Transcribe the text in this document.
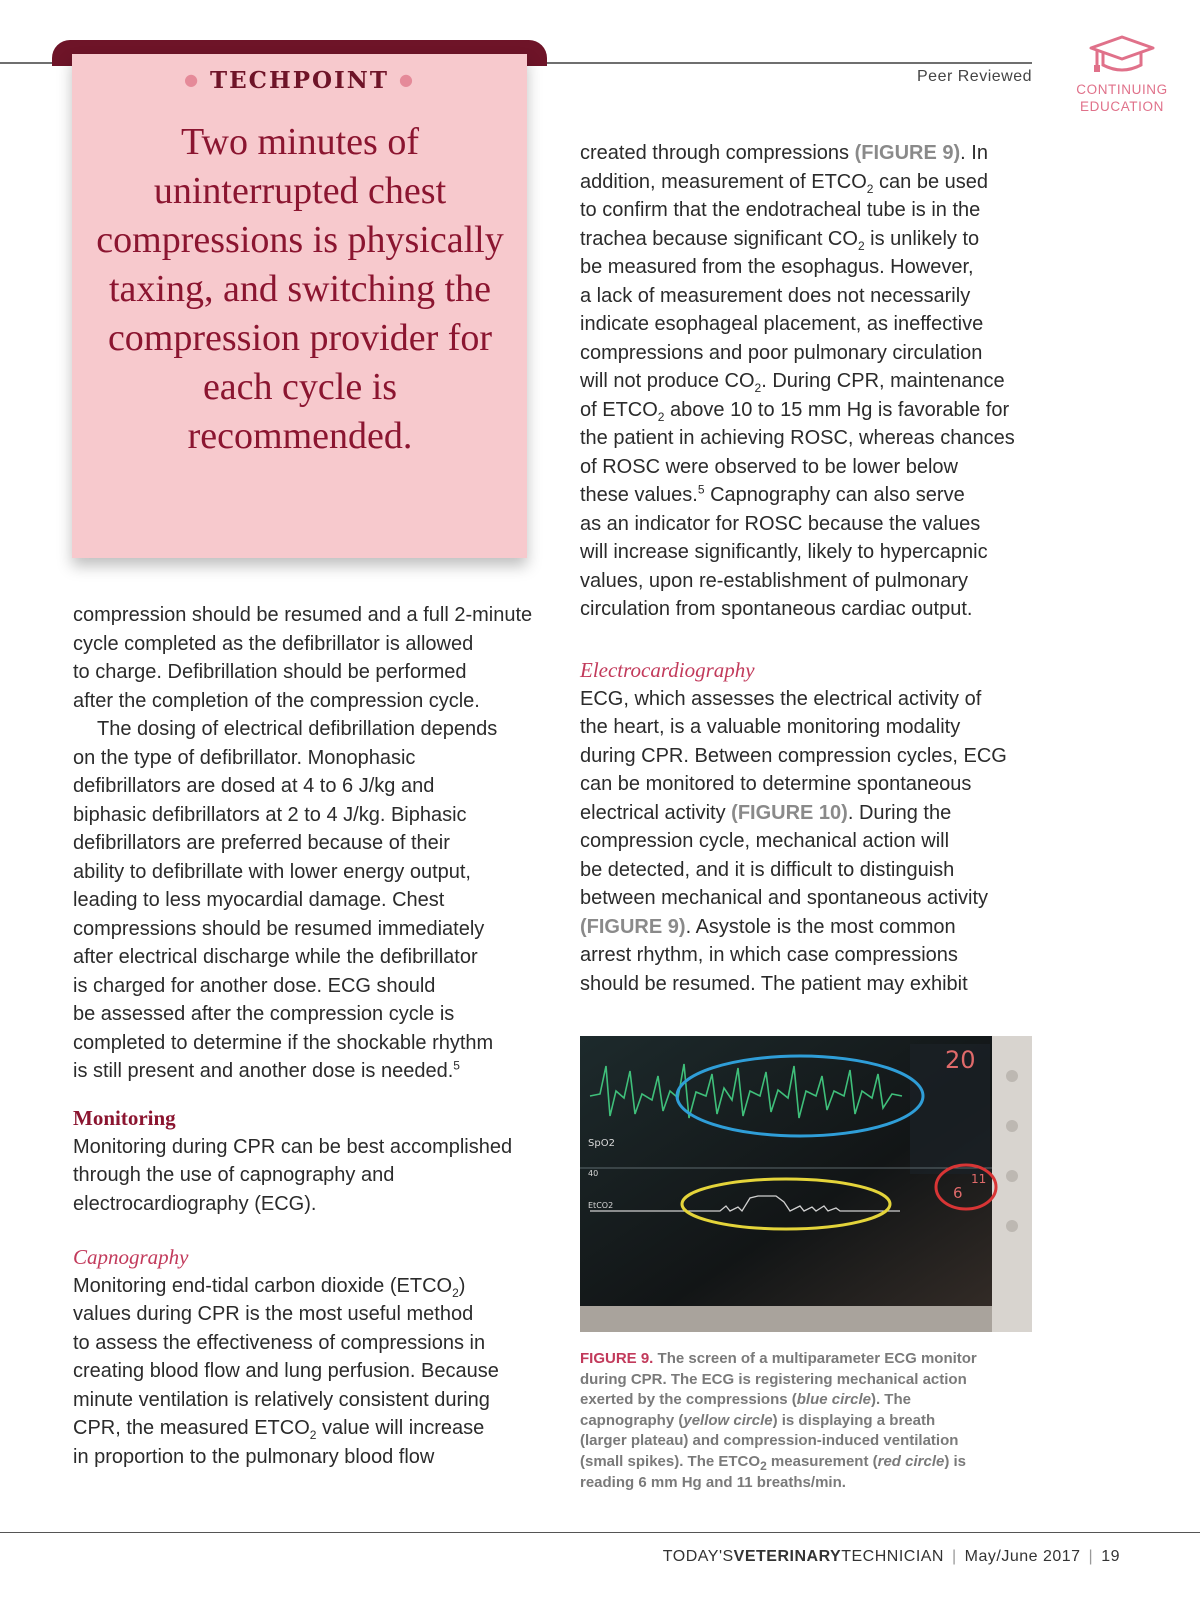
Peer Reviewed
CONTINUING
EDUCATION
● TECHPOINT ●
Two minutes of uninterrupted chest compressions is physically taxing, and switching the compression provider for each cycle is recommended.

compression should be resumed and a full 2-minute
cycle completed as the defibrillator is allowed
to charge. Defibrillation should be performed
after the completion of the compression cycle.

The dosing of electrical defibrillation depends
on the type of defibrillator. Monophasic
defibrillators are dosed at 4 to 6 J/kg and
biphasic defibrillators at 2 to 4 J/kg. Biphasic
defibrillators are preferred because of their
ability to defibrillate with lower energy output,
leading to less myocardial damage. Chest
compressions should be resumed immediately
after electrical discharge while the defibrillator
is charged for another dose. ECG should
be assessed after the compression cycle is
completed to determine if the shockable rhythm
is still present and another dose is needed.$^5$

Monitoring
Monitoring during CPR can be best accomplished
through the use of capnography and
electrocardiography (ECG).
Capnography
Monitoring end-tidal carbon dioxide $(ETCO_2)$
values during CPR is the most useful method
to assess the effectiveness of compressions in
creating blood flow and lung perfusion. Because
minute ventilation is relatively consistent during
CPR, the measured $ETCO_2$ value will increase
in proportion to the pulmonary blood flow
created through compressions (FIGURE 9). In
addition, measurement of $ETCO_2$ can be used
to confirm that the endotracheal tube is in the
trachea because significant $CO_2$ is unlikely to
be measured from the esophagus. However,
a lack of measurement does not necessarily
indicate esophageal placement, as ineffective
compressions and poor pulmonary circulation
will not produce $CO_2$. During CPR, maintenance
of $ETCO_2$ above 10 to 15 mm Hg is favorable for
the patient in achieving ROSC, whereas chances
of ROSC were observed to be lower below
these values.$^5$ Capnography can also serve
as an indicator for ROSC because the values
will increase significantly, likely to hypercapnic
values, upon re-establishment of pulmonary
circulation from spontaneous cardiac output.
Electrocardiography
ECG, which assesses the electrical activity of
the heart, is a valuable monitoring modality
during CPR. Between compression cycles, ECG
can be monitored to determine spontaneous
electrical activity (FIGURE 10). During the
compression cycle, mechanical action will
be detected, and it is difficult to distinguish
between mechanical and spontaneous activity
(FIGURE 9). Asystole is the most common
arrest rhythm, in which case compressions
should be resumed. The patient may exhibit
20
SpO2
40
EtCO2
6
11
FIGURE 9. The screen of a multiparameter ECG monitor
during CPR. The ECG is registering mechanical action
exerted by the compressions (blue circle). The
capnography (yellow circle) is displaying a breath
(larger plateau) and compression-induced ventilation
(small spikes). The $ETCO_2$ measurement (red circle) is
reading 6 mm Hg and 11 breaths/min.
TODAY'SVETERINARYTECHNICIAN | May/June 2017 | 19
